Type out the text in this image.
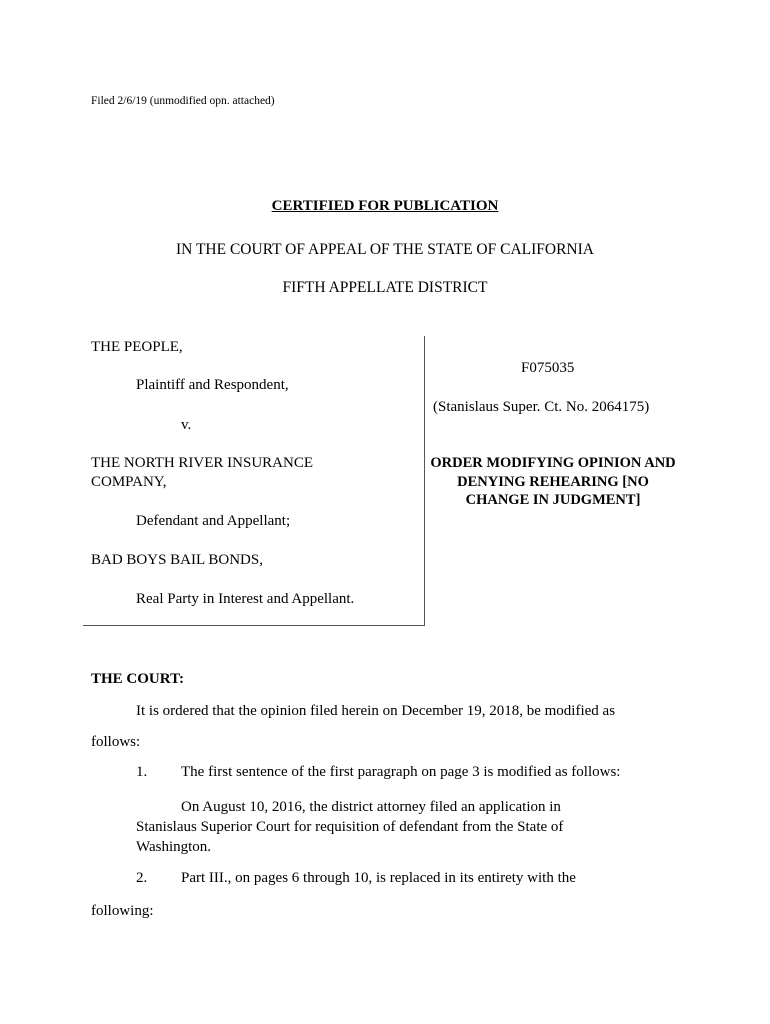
Filed 2/6/19 (unmodified opn. attached)
CERTIFIED FOR PUBLICATION
IN THE COURT OF APPEAL OF THE STATE OF CALIFORNIA
FIFTH APPELLATE DISTRICT
THE PEOPLE,
Plaintiff and Respondent,
v.
THE NORTH RIVER INSURANCE
COMPANY,
Defendant and Appellant;
BAD BOYS BAIL BONDS,
Real Party in Interest and Appellant.
F075035
(Stanislaus Super. Ct. No. 2064175)
ORDER MODIFYING OPINION AND DENYING REHEARING [NO CHANGE IN JUDGMENT]
THE COURT:
It is ordered that the opinion filed herein on December 19, 2018, be modified as
follows:
1. The first sentence of the first paragraph on page 3 is modified as follows:
On August 10, 2016, the district attorney filed an application in Stanislaus Superior Court for requisition of defendant from the State of Washington.
2. Part III., on pages 6 through 10, is replaced in its entirety with the
following:
